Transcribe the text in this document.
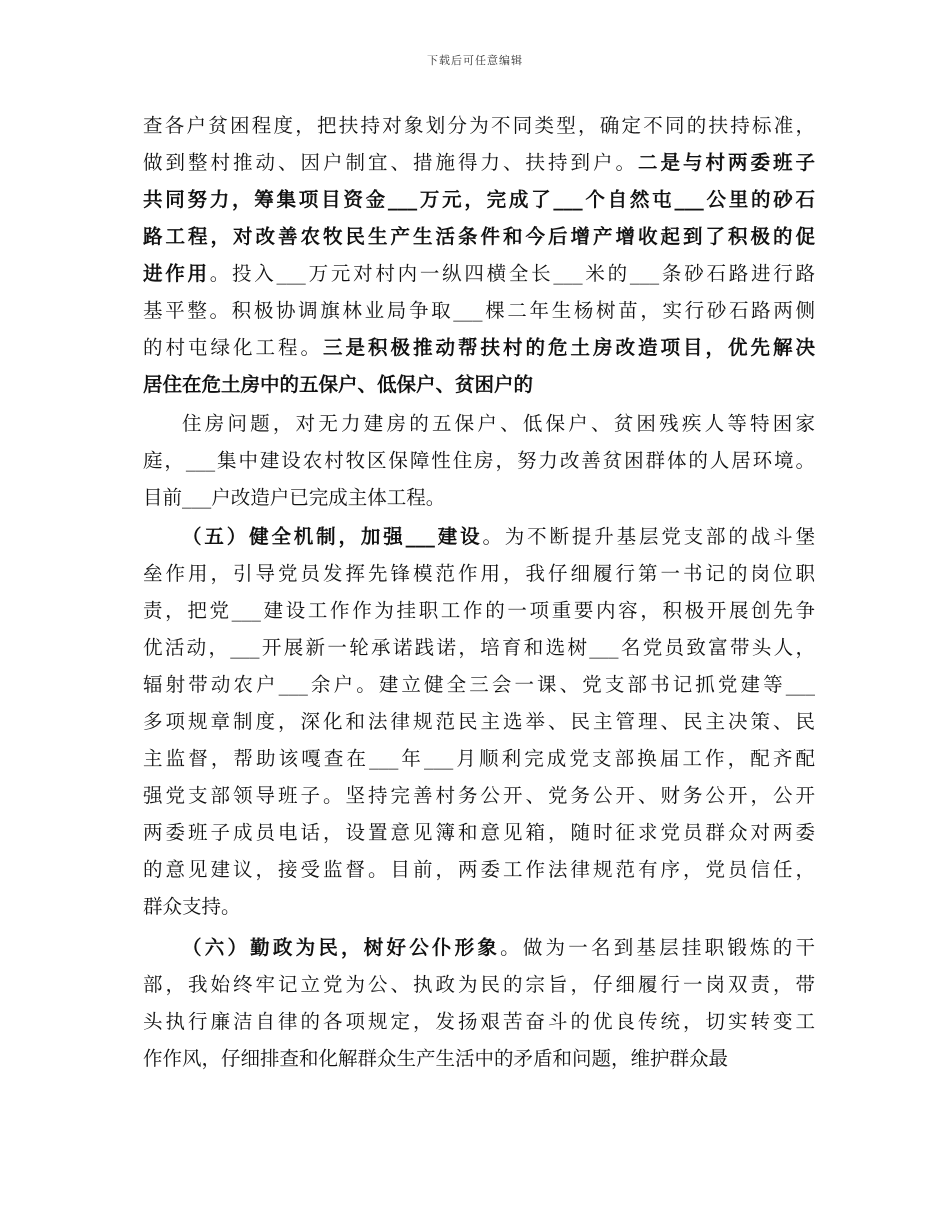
下载后可任意编辑
查各户贫困程度，把扶持对象划分为不同类型，确定不同的扶持标准，
做到整村推动、因户制宜、措施得力、扶持到户。二是与村两委班子
共同努力，筹集项目资金___万元，完成了___个自然屯___公里的砂石
路工程，对改善农牧民生产生活条件和今后增产增收起到了积极的促
进作用。投入___万元对村内一纵四横全长___米的___条砂石路进行路
基平整。积极协调旗林业局争取___棵二年生杨树苗，实行砂石路两侧
的村屯绿化工程。三是积极推动帮扶村的危土房改造项目，优先解决
居住在危土房中的五保户、低保户、贫困户的
住房问题，对无力建房的五保户、低保户、贫困残疾人等特困家
庭，___集中建设农村牧区保障性住房，努力改善贫困群体的人居环境。
目前___户改造户已完成主体工程。
（五）健全机制，加强___建设。为不断提升基层党支部的战斗堡
垒作用，引导党员发挥先锋模范作用，我仔细履行第一书记的岗位职
责，把党___建设工作作为挂职工作的一项重要内容，积极开展创先争
优活动，___开展新一轮承诺践诺，培育和选树___名党员致富带头人，
辐射带动农户___余户。建立健全三会一课、党支部书记抓党建等___
多项规章制度，深化和法律规范民主选举、民主管理、民主决策、民
主监督，帮助该嘎查在___年___月顺利完成党支部换届工作，配齐配
强党支部领导班子。坚持完善村务公开、党务公开、财务公开，公开
两委班子成员电话，设置意见簿和意见箱，随时征求党员群众对两委
的意见建议，接受监督。目前，两委工作法律规范有序，党员信任，
群众支持。
（六）勤政为民，树好公仆形象。做为一名到基层挂职锻炼的干
部，我始终牢记立党为公、执政为民的宗旨，仔细履行一岗双责，带
头执行廉洁自律的各项规定，发扬艰苦奋斗的优良传统，切实转变工
作作风，仔细排查和化解群众生产生活中的矛盾和问题，维护群众最
